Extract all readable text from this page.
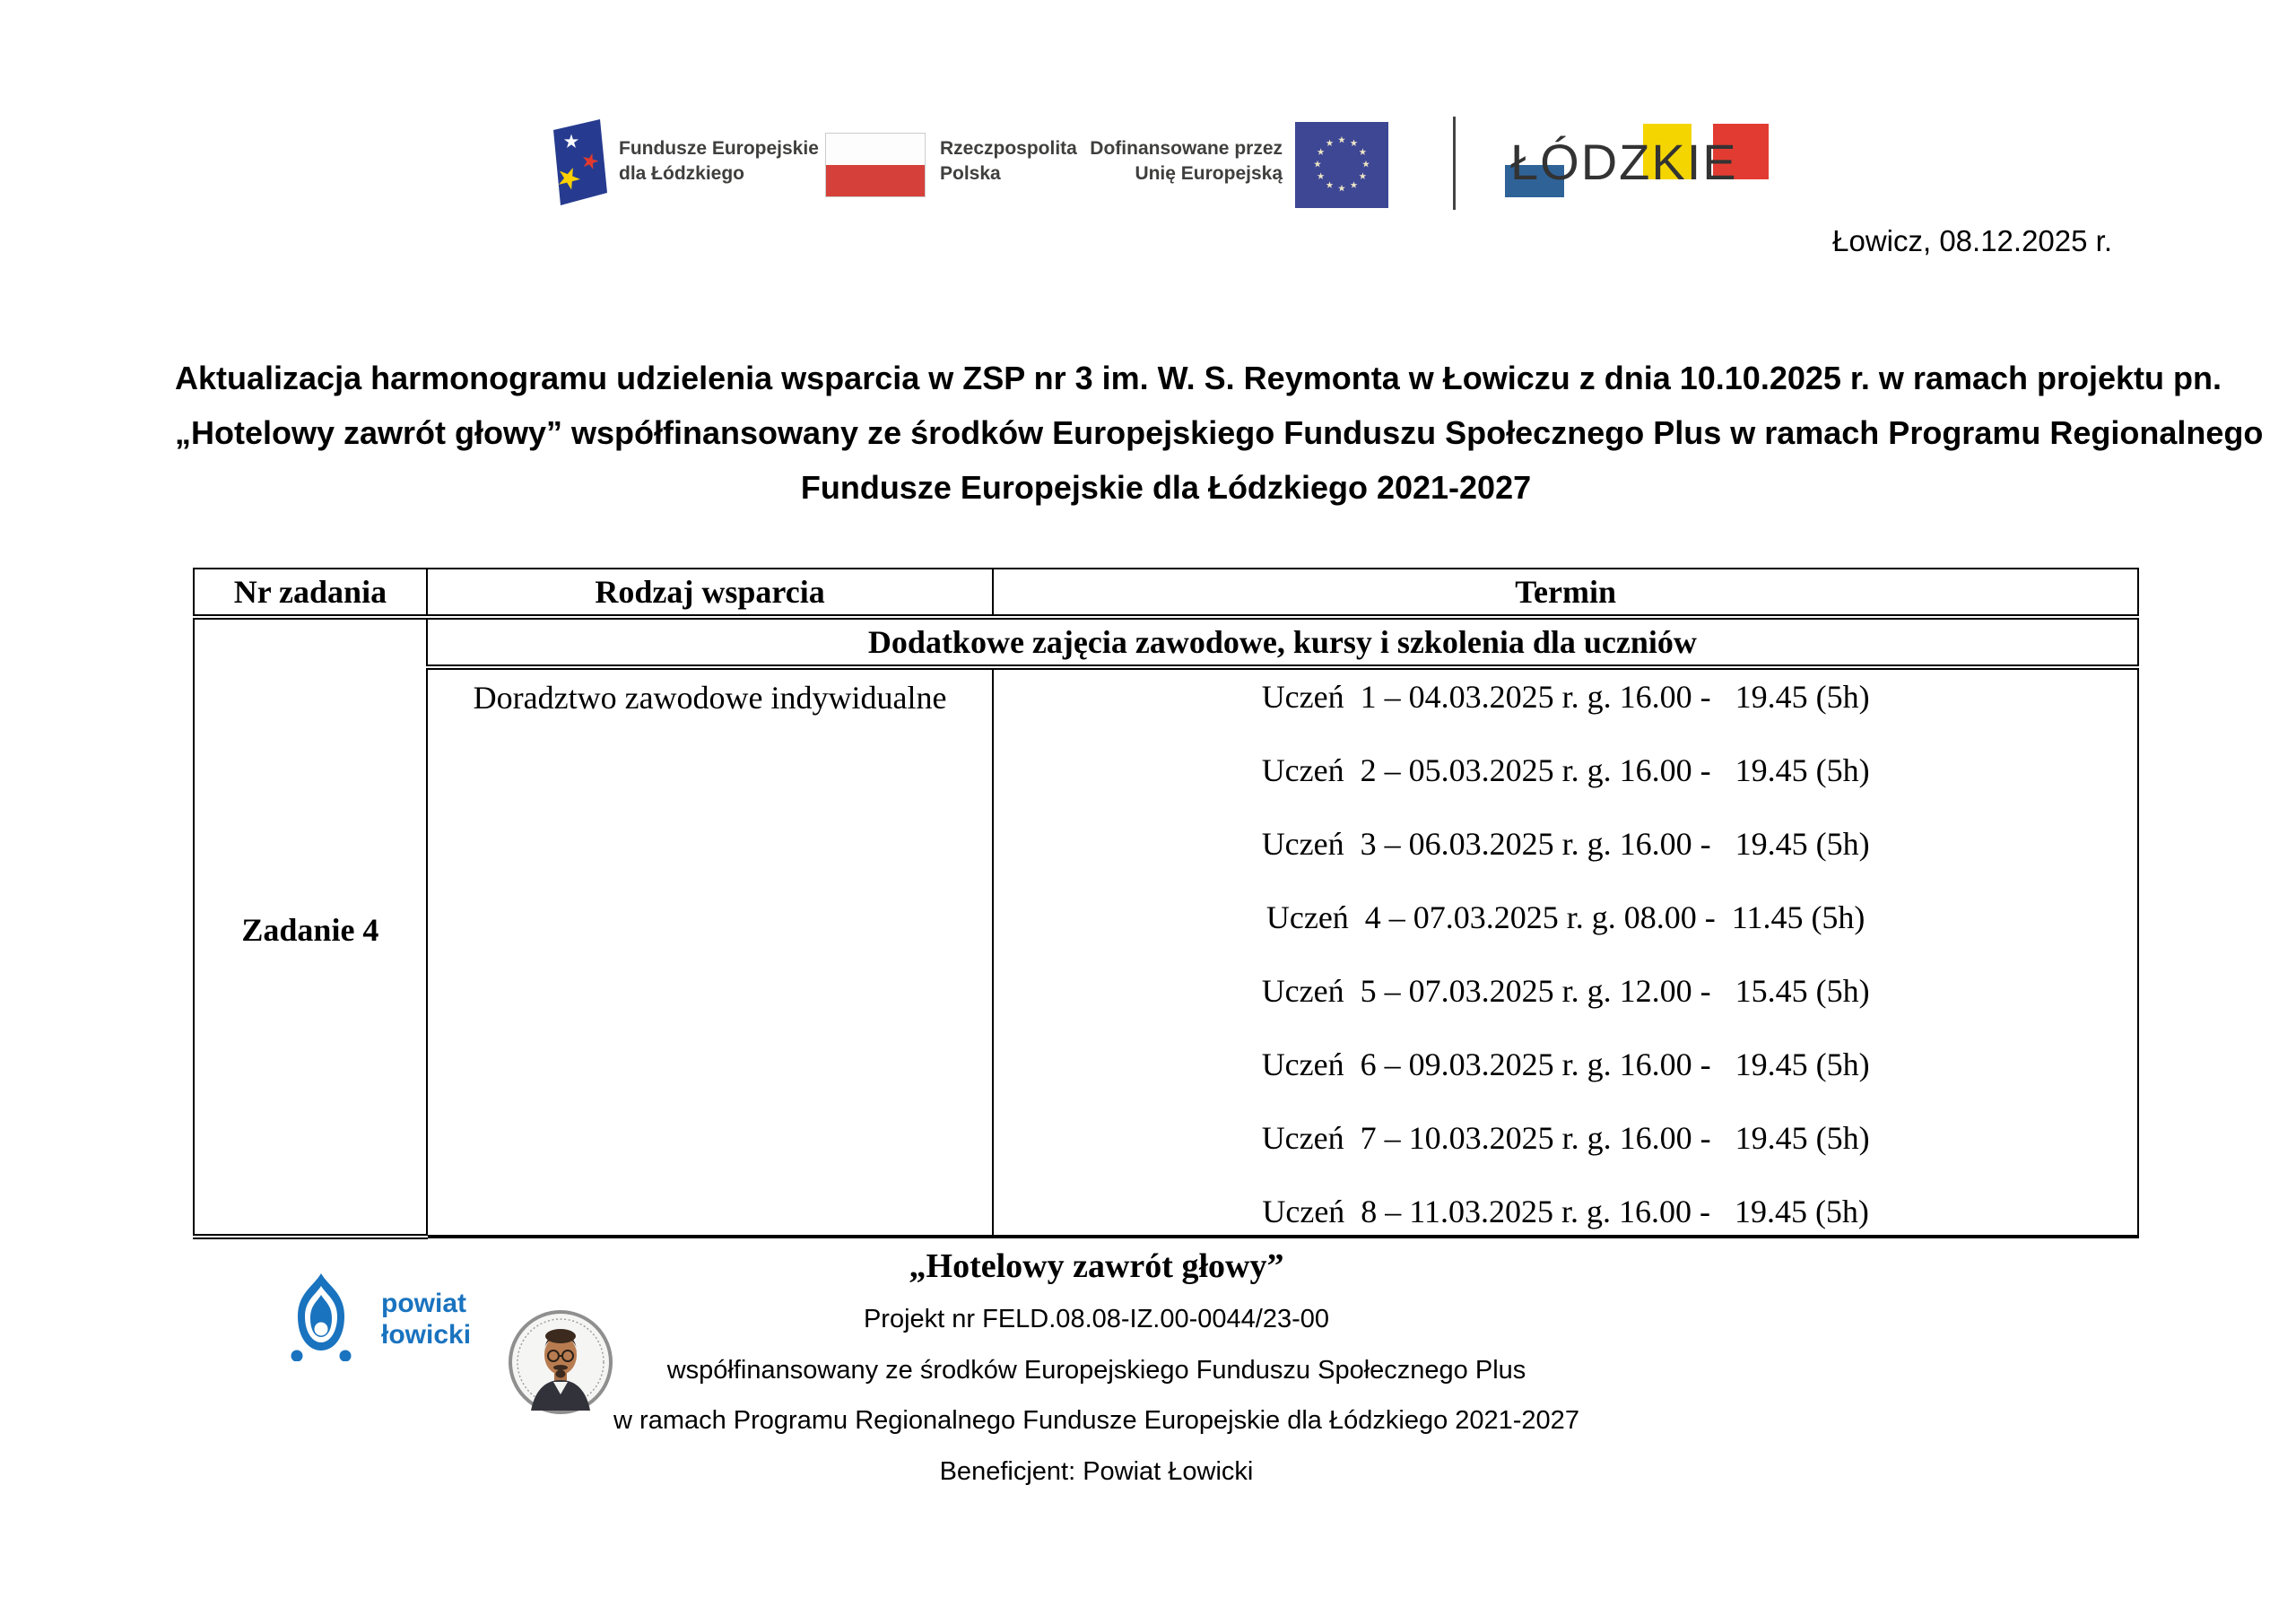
Fundusze Europejskie
dla Łódzkiego
Rzeczpospolita
Polska
Dofinansowane przez
Unię Europejską	ŁÓDZKIE
Łowicz, 08.12.2025 r.
Aktualizacja harmonogramu udzielenia wsparcia w ZSP nr 3 im. W. S. Reymonta w Łowiczu z dnia 10.10.2025 r. w ramach projektu pn.
„Hotelowy zawrót głowy” współfinansowany ze środków Europejskiego Funduszu Społecznego Plus w ramach Programu Regionalnego
Fundusze Europejskie dla Łódzkiego 2021-2027
Nr zadania	Rodzaj wsparcia	Termin
Zadanie 4	Dodatkowe zajęcia zawodowe, kursy i szkolenia dla uczniów	
Doradztwo zawodowe indywidualne	Uczeń  1 – 04.03.2025 r. g. 16.00 -   19.45 (5h)
Uczeń  2 – 05.03.2025 r. g. 16.00 -   19.45 (5h)
Uczeń  3 – 06.03.2025 r. g. 16.00 -   19.45 (5h)
Uczeń  4 – 07.03.2025 r. g. 08.00 -  11.45 (5h)
Uczeń  5 – 07.03.2025 r. g. 12.00 -   15.45 (5h)
Uczeń  6 – 09.03.2025 r. g. 16.00 -   19.45 (5h)
Uczeń  7 – 10.03.2025 r. g. 16.00 -   19.45 (5h)
Uczeń  8 – 11.03.2025 r. g. 16.00 -   19.45 (5h)
„Hotelowy zawrót głowy”
Projekt nr FELD.08.08-IZ.00-0044/23-00
współfinansowany ze środków Europejskiego Funduszu Społecznego Plus
w ramach Programu Regionalnego Fundusze Europejskie dla Łódzkiego 2021-2027
Beneficjent: Powiat Łowicki
powiat
łowicki
